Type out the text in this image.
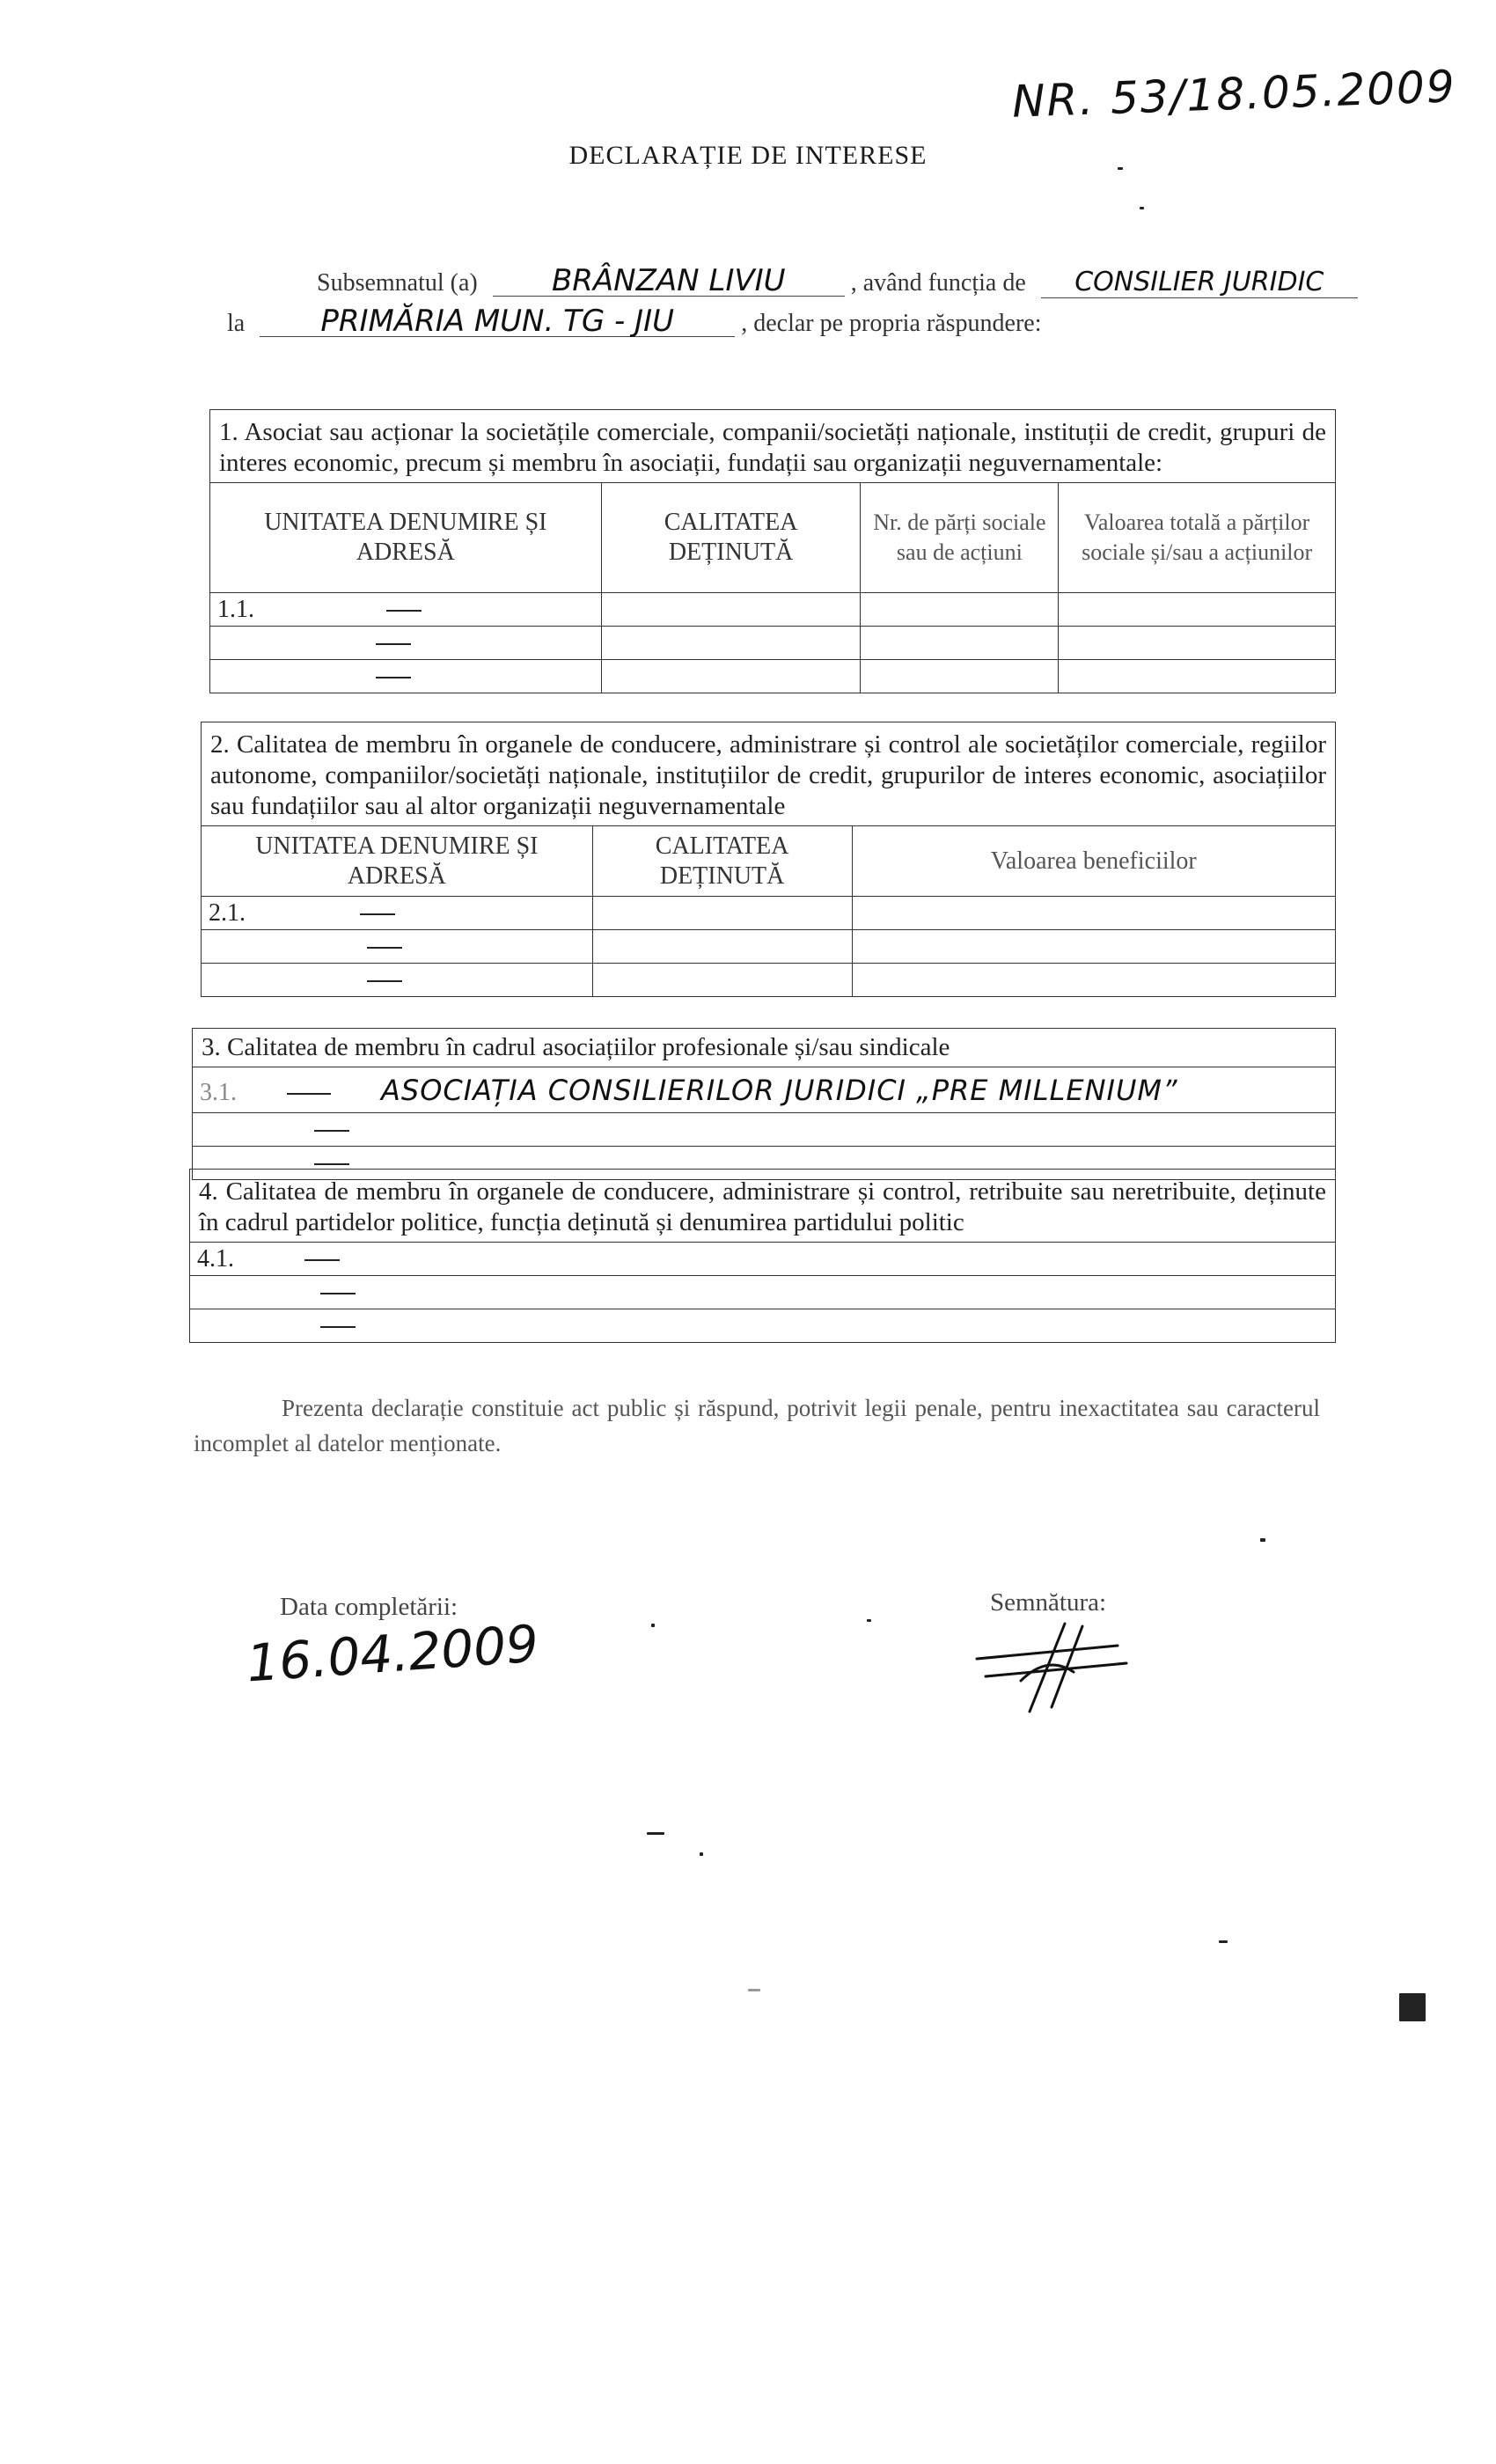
NR. 53/18.05.2009
DECLARAȚIE DE INTERESE
Subsemnatul (a) BRÂNZAN LIVIU	, având funcția de CONSILIER JURIDIC
la	PRIMĂRIA MUN. TG - JIU	, declar pe propria răspundere:
1. Asociat sau acționar la societățile comerciale, companii/societăți naționale, instituții de credit, grupuri de interes economic, precum și membru în asociații, fundații sau organizații neguvernamentale:			
UNITATEA DENUMIRE ȘI ADRESĂ	CALITATEA DEȚINUTĂ	Nr. de părți sociale sau de acțiuni	Valoarea totală a părților sociale și/sau a acțiunilor
1.1.			

2. Calitatea de membru în organele de conducere, administrare și control ale societăților comerciale, regiilor autonome, companiilor/societăți naționale, instituțiilor de credit, grupurilor de interes economic, asociațiilor sau fundațiilor sau al altor organizații neguvernamentale		
UNITATEA DENUMIRE ȘI ADRESĂ	CALITATEA DEȚINUTĂ	Valoarea beneficiilor
2.1.		

3. Calitatea de membru în cadrul asociațiilor profesionale și/sau sindicale
3.1.	ASOCIAȚIA CONSILIERILOR JURIDICI „PRE MILLENIUM”

4. Calitatea de membru în organele de conducere, administrare și control, retribuite sau neretribuite, deținute în cadrul partidelor politice, funcția deținută și denumirea partidului politic
4.1.

Prezenta declarație constituie act public și răspund, potrivit legii penale, pentru inexactitatea sau caracterul incomplet al datelor menționate.
Data completării:
16.04.2009
Semnătura:
